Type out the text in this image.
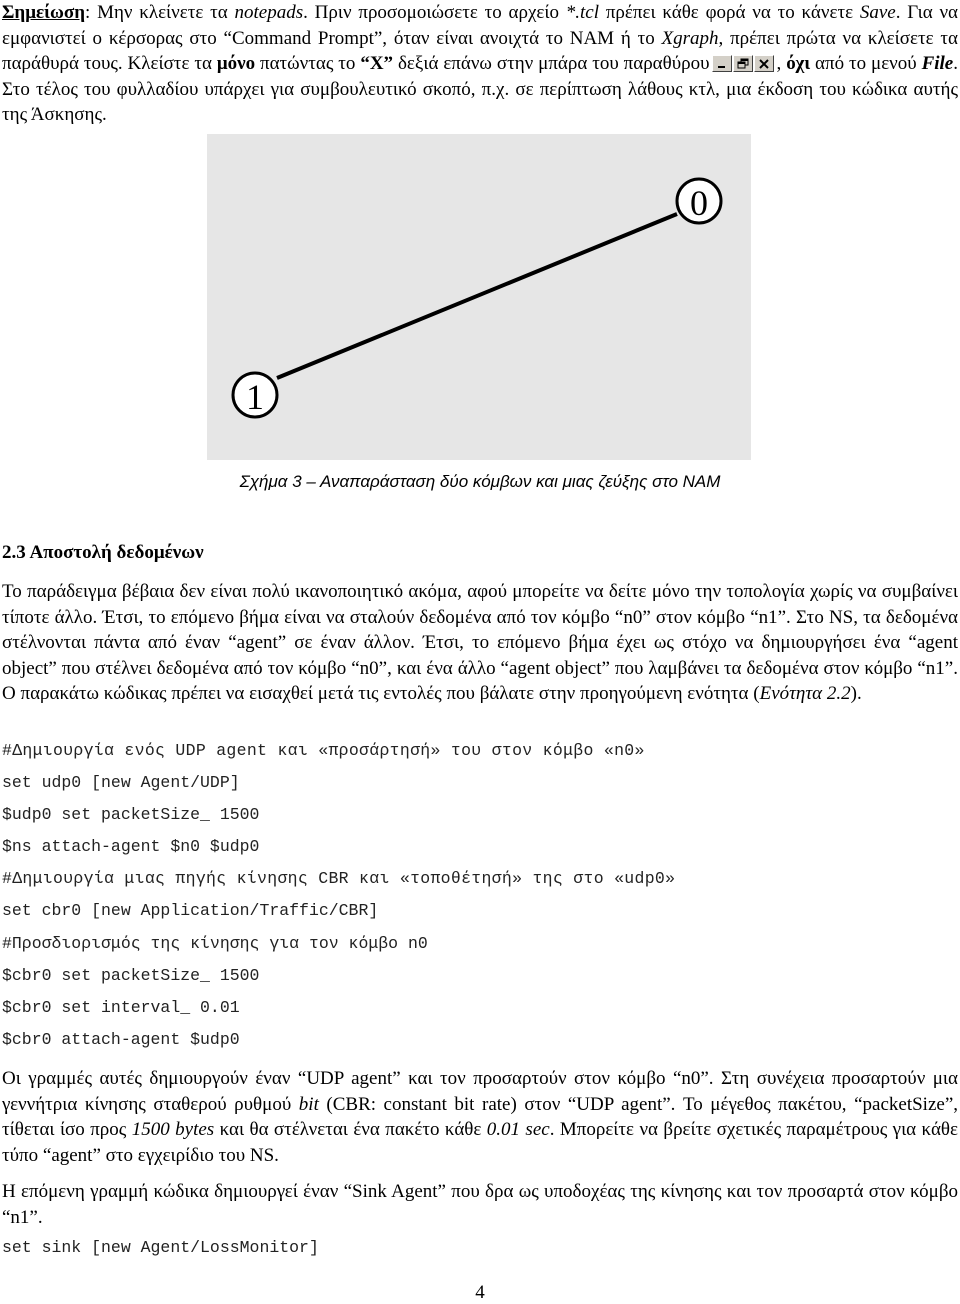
Σημείωση: Μην κλείνετε τα notepads. Πριν προσομοιώσετε το αρχείο *.tcl πρέπει κάθε φορά να το κάνετε Save. Για να εμφανιστεί ο κέρσορας στο “Command Prompt”, όταν είναι ανοιχτά το NAM ή το Xgraph, πρέπει πρώτα να κλείσετε τα παράθυρά τους. Κλείστε τα μόνο πατώντας το “X” δεξιά επάνω στην μπάρα του παραθύρου	, όχι από το μενού File. Στο τέλος του φυλλαδίου υπάρχει για συμβουλευτικό σκοπό, π.χ. σε περίπτωση λάθους κτλ, μια έκδοση του κώδικα αυτής της Άσκησης.
0
1
Σχήμα 3 – Αναπαράσταση δύο κόμβων και μιας ζεύξης στο NAM
2.3 Αποστολή δεδομένων
Το παράδειγμα βέβαια δεν είναι πολύ ικανοποιητικό ακόμα, αφού μπορείτε να δείτε μόνο την τοπολογία χωρίς να συμβαίνει τίποτε άλλο. Έτσι, το επόμενο βήμα είναι να σταλούν δεδομένα από τον κόμβο “n0” στον κόμβο “n1”. Στο NS, τα δεδομένα στέλνονται πάντα από έναν “agent” σε έναν άλλον. Έτσι, το επόμενο βήμα έχει ως στόχο να δημιουργήσει ένα “agent object” που στέλνει δεδομένα από τον κόμβο “n0”, και ένα άλλο “agent object” που λαμβάνει τα δεδομένα στον κόμβο “n1”. Ο παρακάτω κώδικας πρέπει να εισαχθεί μετά τις εντολές που βάλατε στην προηγούμενη ενότητα (Ενότητα 2.2).
#Δημιουργία ενός UDP agent και «προσάρτησή» του στον κόμβο «n0»
set udp0 [new Agent/UDP]
$udp0 set packetSize_ 1500
$ns attach-agent $n0 $udp0
#Δημιουργία μιας πηγής κίνησης CBR και «τοποθέτησή» της στο «udp0»
set cbr0 [new Application/Traffic/CBR]
#Προσδιορισμός της κίνησης για τον κόμβο n0
$cbr0 set packetSize_ 1500
$cbr0 set interval_ 0.01
$cbr0 attach-agent $udp0
Οι γραμμές αυτές δημιουργούν έναν “UDP agent” και τον προσαρτούν στον κόμβο “n0”. Στη συνέχεια προσαρτούν μια γεννήτρια κίνησης σταθερού ρυθμού bit (CBR: constant bit rate) στον “UDP agent”. Το μέγεθος πακέτου, “packetSize”, τίθεται ίσο προς 1500 bytes και θα στέλνεται ένα πακέτο κάθε 0.01 sec. Μπορείτε να βρείτε σχετικές παραμέτρους για κάθε τύπο “agent” στο εγχειρίδιο του NS.
Η επόμενη γραμμή κώδικα δημιουργεί έναν “Sink Agent” που δρα ως υποδοχέας της κίνησης και τον προσαρτά στον κόμβο “n1”.
set sink [new Agent/LossMonitor]
4
